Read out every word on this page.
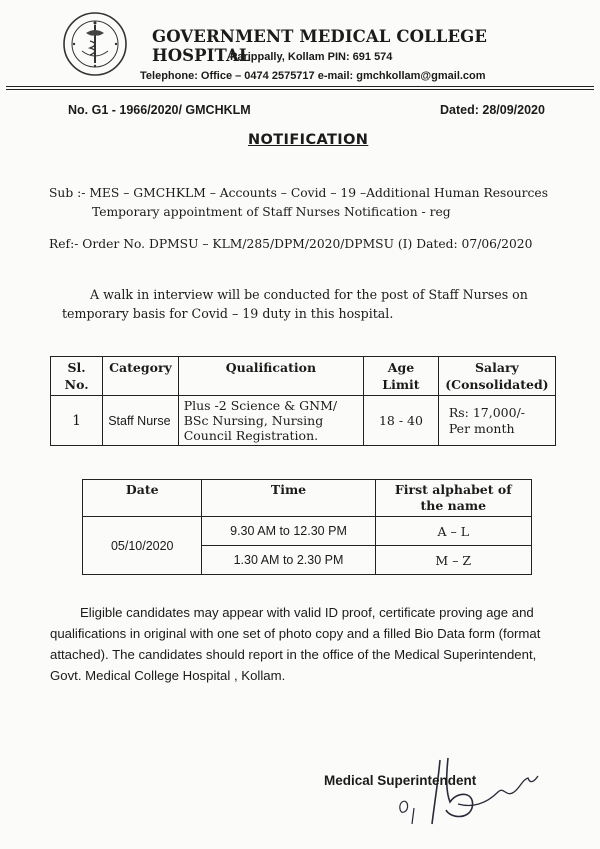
GOVERNMENT MEDICAL COLLEGE HOSPITAL
Parippally, Kollam PIN: 691 574
Telephone: Office – 0474 2575717 e-mail: gmchkollam@gmail.com
No. G1 - 1966/2020/ GMCHKLM	Dated: 28/09/2020
NOTIFICATION
Sub :- MES – GMCHKLM – Accounts – Covid – 19 –Additional Human Resources
Temporary appointment of Staff Nurses Notification - reg
Ref:- Order No. DPMSU – KLM/285/DPM/2020/DPMSU (I) Dated: 07/06/2020
A walk in interview will be conducted for the post of Staff Nurses on temporary basis for Covid – 19 duty in this hospital.
Sl. No.	Category	Qualification	Age Limit	Salary (Consolidated)
1	Staff Nurse	Plus -2 Science & GNM/ BSc Nursing, Nursing Council Registration.	18 - 40	Rs: 17,000/- Per month
Date	Time	First alphabet of the name
05/10/2020	9.30 AM to 12.30 PM	A – L
	1.30 AM to 2.30 PM	M – Z
Eligible candidates may appear with valid ID proof, certificate proving age and qualifications in original with one set of photo copy and a filled Bio Data form (format attached). The candidates should report in the office of the Medical Superintendent, Govt. Medical College Hospital , Kollam.
Medical Superintendent
